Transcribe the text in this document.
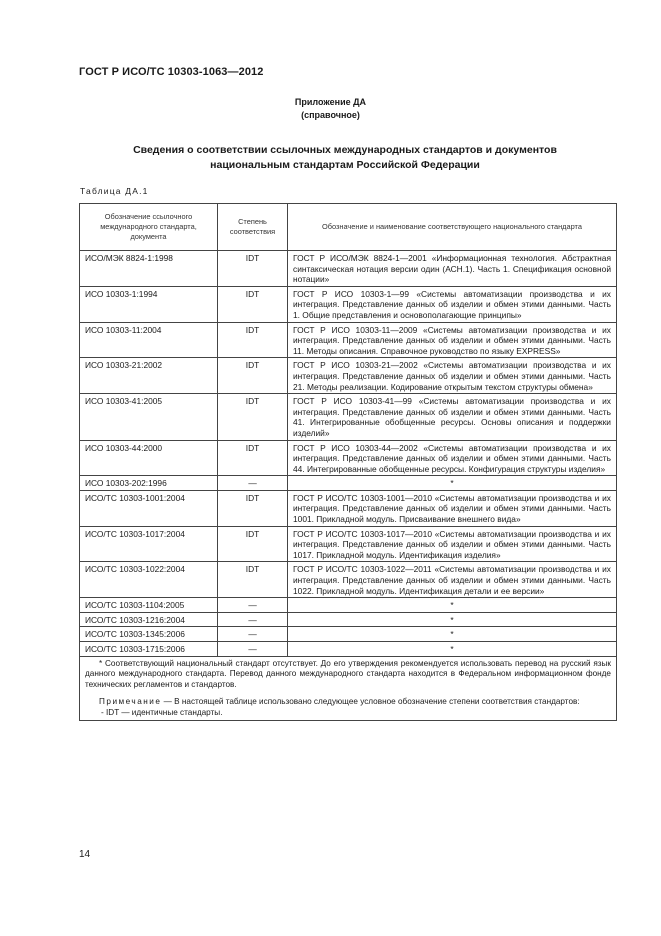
ГОСТ Р ИСО/ТС 10303-1063—2012
Приложение ДА
(справочное)
Сведения о соответствии ссылочных международных стандартов и документов национальным стандартам Российской Федерации
Таблица ДА.1
Обозначение ссылочного международного стандарта, документа	Степень соответствия	Обозначение и наименование соответствующего национального стандарта
ИСО/МЭК 8824-1:1998	IDT	ГОСТ Р ИСО/МЭК 8824-1—2001 «Информационная технология. Абстрактная синтаксическая нотация версии один (АСН.1). Часть 1. Спецификация основной нотации»
ИСО 10303-1:1994	IDT	ГОСТ Р ИСО 10303-1—99 «Системы автоматизации производства и их интеграция. Представление данных об изделии и обмен этими данными. Часть 1. Общие представления и основополагающие принципы»
ИСО 10303-11:2004	IDT	ГОСТ Р ИСО 10303-11—2009 «Системы автоматизации производства и их интеграция. Представление данных об изделии и обмен этими данными. Часть 11. Методы описания. Справочное руководство по языку EXPRESS»
ИСО 10303-21:2002	IDT	ГОСТ Р ИСО 10303-21—2002 «Системы автоматизации производства и их интеграция. Представление данных об изделии и обмен этими данными. Часть 21. Методы реализации. Кодирование открытым текстом структуры обмена»
ИСО 10303-41:2005	IDT	ГОСТ Р ИСО 10303-41—99 «Системы автоматизации производства и их интеграция. Представление данных об изделии и обмен этими данными. Часть 41. Интегрированные обобщенные ресурсы. Основы описания и поддержки изделий»
ИСО 10303-44:2000	IDT	ГОСТ Р ИСО 10303-44—2002 «Системы автоматизации производства и их интеграция. Представление данных об изделии и обмен этими данными. Часть 44. Интегрированные обобщенные ресурсы. Конфигурация структуры изделия»
ИСО 10303-202:1996	—	*
ИСО/ТС 10303-1001:2004	IDT	ГОСТ Р ИСО/ТС 10303-1001—2010 «Системы автоматизации производства и их интеграция. Представление данных об изделии и обмен этими данными. Часть 1001. Прикладной модуль. Присваивание внешнего вида»
ИСО/ТС 10303-1017:2004	IDT	ГОСТ Р ИСО/ТС 10303-1017—2010 «Системы автоматизации производства и их интеграция. Представление данных об изделии и обмен этими данными. Часть 1017. Прикладной модуль. Идентификация изделия»
ИСО/ТС 10303-1022:2004	IDT	ГОСТ Р ИСО/ТС 10303-1022—2011 «Системы автоматизации производства и их интеграция. Представление данных об изделии и обмен этими данными. Часть 1022. Прикладной модуль. Идентификация детали и ее версии»
ИСО/ТС 10303-1104:2005	—	*
ИСО/ТС 10303-1216:2004	—	*
ИСО/ТС 10303-1345:2006	—	*
ИСО/ТС 10303-1715:2006	—	*

* Соответствующий национальный стандарт отсутствует. До его утверждения рекомендуется использовать перевод на русский язык данного международного стандарта. Перевод данного международного стандарта находится в Федеральном информационном фонде технических регламентов и стандартов.

Примечание — В настоящей таблице использовано следующее условное обозначение степени соответствия стандартов:

- IDT — идентичные стандарты.		

14
